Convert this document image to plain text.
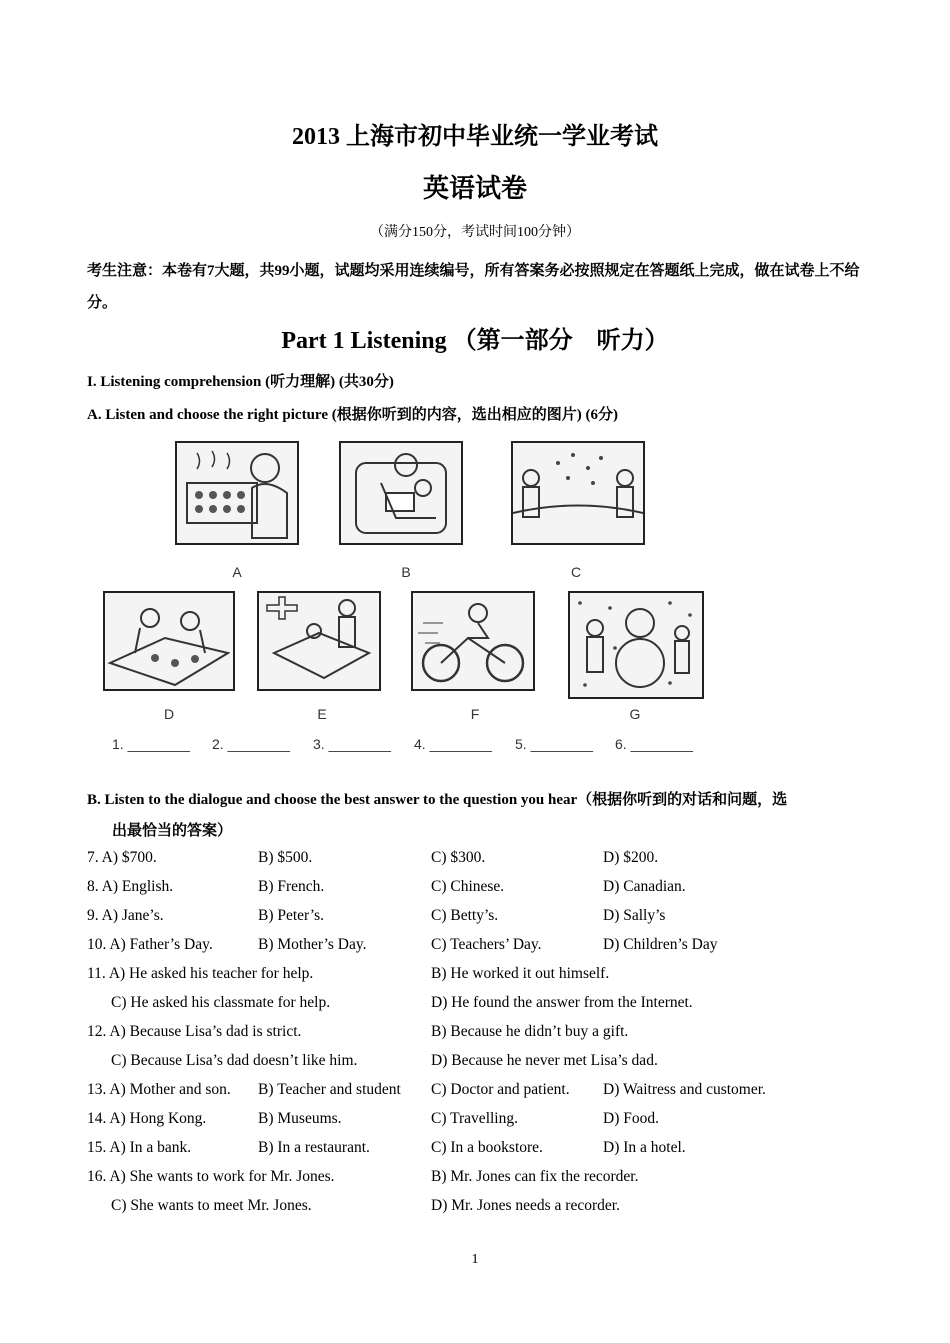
2013 上海市初中毕业统一学业考试
英语试卷
（满分150分，考试时间100分钟）
考生注意：本卷有7大题，共99小题，试题均采用连续编号，所有答案务必按照规定在答题纸上完成，做在试卷上不给分。
Part 1 Listening （第一部分　听力）
I. Listening comprehension (听力理解) (共30分)
A. Listen and choose the right picture (根据你听到的内容，选出相应的图片) (6分)
A	B	C
D	E	F	G
1. ________ 2. ________ 3. ________ 4. ________ 5. ________ 6. ________
B. Listen to the dialogue and choose the best answer to the question you hear（根据你听到的对话和问题，选
出最恰当的答案）
7. A) $700.	B) $500.	C) $300.	D) $200.
8. A) English.	B) French.	C) Chinese.	D) Canadian.
9. A) Jane’s.	B) Peter’s.	C) Betty’s.	D) Sally’s
10. A) Father’s Day.	B) Mother’s Day.	C) Teachers’ Day.	D) Children’s Day
11. A) He asked his teacher for help.	B) He worked it out himself.
C) He asked his classmate for help.	D) He found the answer from the Internet.
12. A) Because Lisa’s dad is strict.	B) Because he didn’t buy a gift.
C) Because Lisa’s dad doesn’t like him.	D) Because he never met Lisa’s dad.
13. A) Mother and son. B) Teacher and student C) Doctor and patient. D) Waitress and customer.
14. A) Hong Kong.	B) Museums.	C) Travelling.	D) Food.
15. A) In a bank.	B) In a restaurant.	C) In a bookstore.	D) In a hotel.
16. A) She wants to work for Mr. Jones.	B) Mr. Jones can fix the recorder.
C) She wants to meet Mr. Jones.	D) Mr. Jones needs a recorder.
1
